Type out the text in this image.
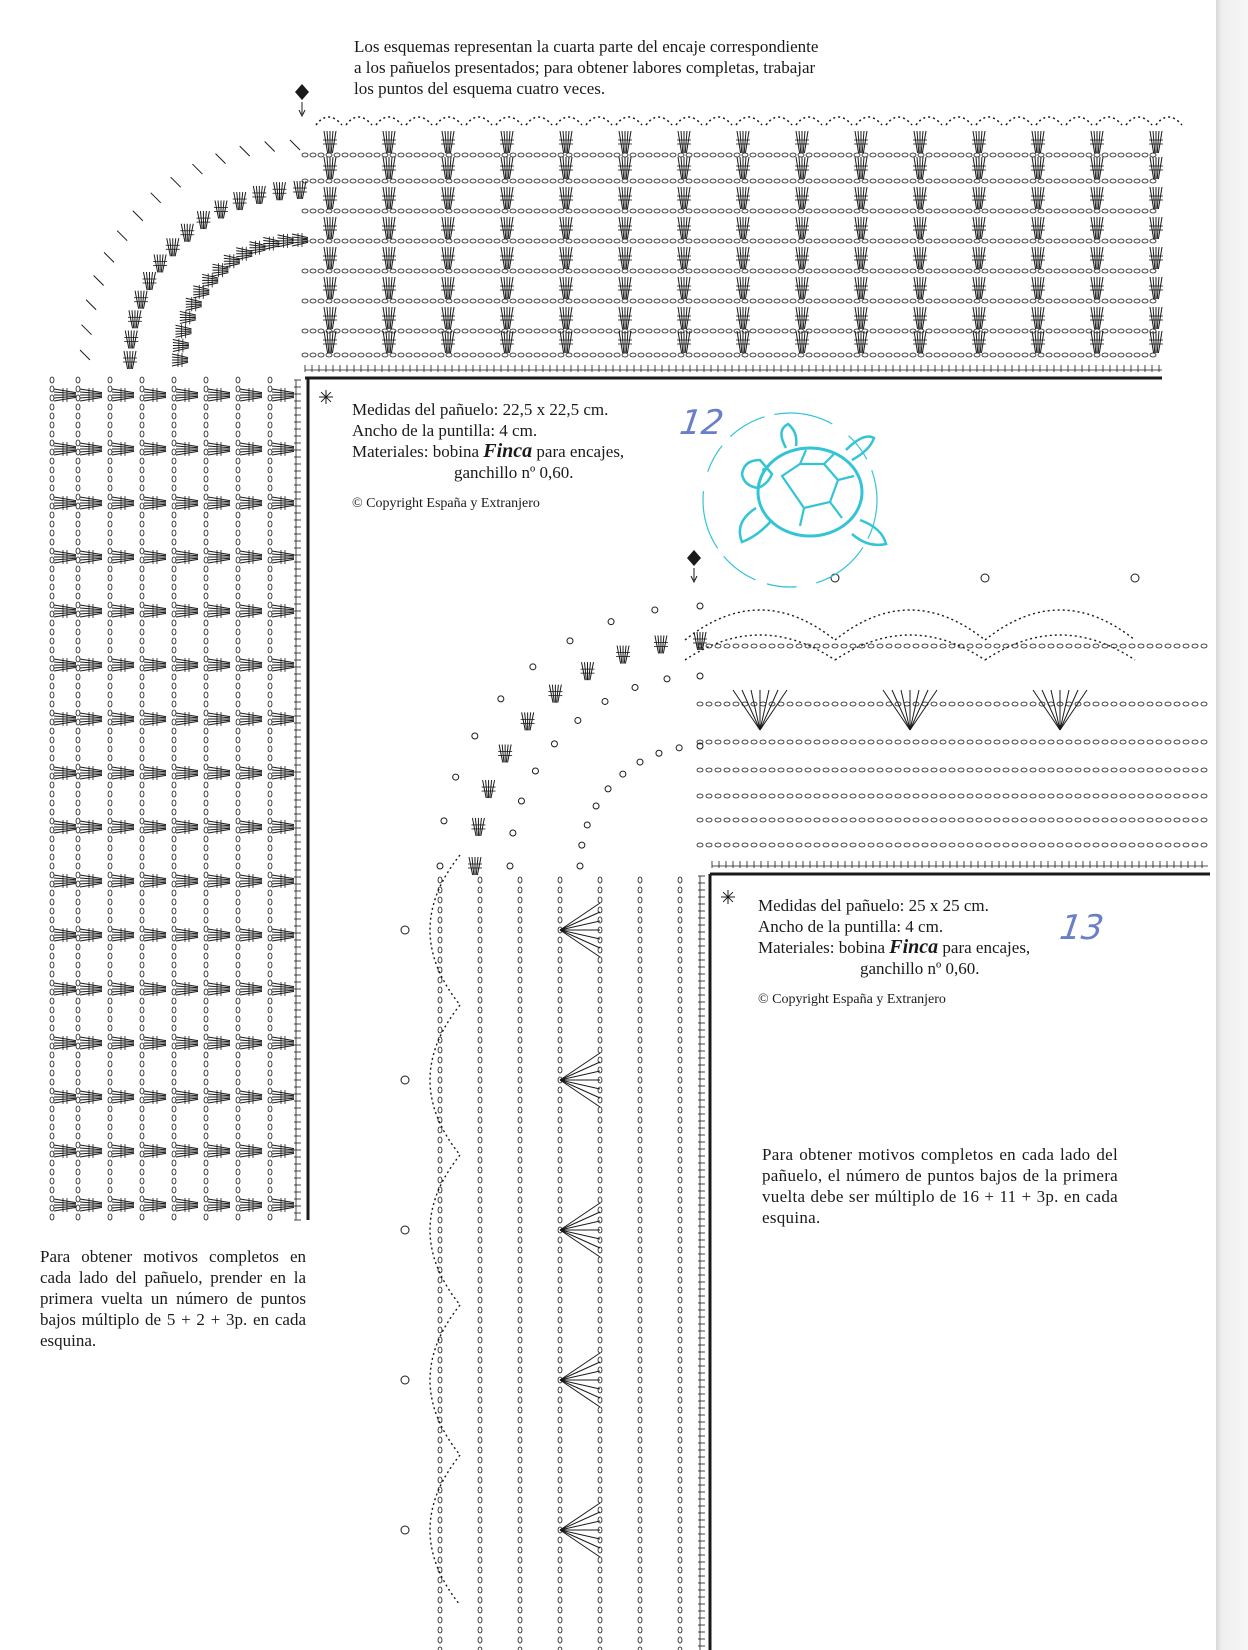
Los esquemas representan la cuarta parte del encaje correspondiente
a los pañuelos presentados; para obtener labores completas, trabajar
los puntos del esquema cuatro veces.
Medidas del pañuelo: 22,5 x 22,5 cm.
Ancho de la puntilla: 4 cm.
Materiales: bobina Finca para encajes,
ganchillo nº 0,60.
© Copyright España y Extranjero
12
Medidas del pañuelo: 25 x 25 cm.
Ancho de la puntilla: 4 cm.
Materiales: bobina Finca para encajes,
ganchillo nº 0,60.
© Copyright España y Extranjero
13
Para obtener motivos completos en cada lado del pañuelo, prender en la primera vuelta un número de puntos bajos múltiplo de 5 + 2 + 3p. en cada esquina.
Para obtener motivos completos en cada lado del pañuelo, el número de puntos bajos de la primera vuelta debe ser múltiplo de 16 + 11 + 3p. en cada esquina.
